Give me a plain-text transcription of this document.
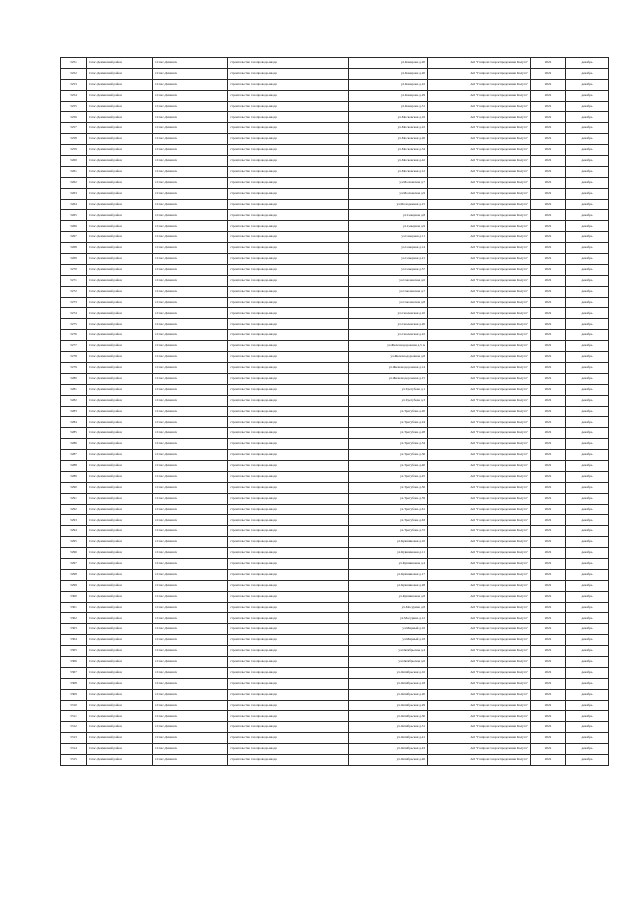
5251	Спас-Деменский район	г.Спас-Деменск	строительство газопровода-ввода	ул.Комарова д.20	АО "Газпром газораспределение Калуга"	2022	декабрь
5252	Спас-Деменский район	г.Спас-Деменск	строительство газопровода-ввода	ул.Комарова д.20	АО "Газпром газораспределение Калуга"	2022	декабрь
5253	Спас-Деменский район	г.Спас-Деменск	строительство газопровода-ввода	ул.Комарова д.22	АО "Газпром газораспределение Калуга"	2022	декабрь
5254	Спас-Деменский район	г.Спас-Деменск	строительство газопровода-ввода	ул.Комарова д.29	АО "Газпром газораспределение Калуга"	2022	декабрь
5255	Спас-Деменский район	г.Спас-Деменск	строительство газопровода-ввода	ул.Комарова д.31	АО "Газпром газораспределение Калуга"	2022	декабрь
5256	Спас-Деменский район	г.Спас-Деменск	строительство газопровода-ввода	ул.Московская д.16	АО "Газпром газораспределение Калуга"	2022	декабрь
5257	Спас-Деменский район	г.Спас-Деменск	строительство газопровода-ввода	ул.Московская д.22	АО "Газпром газораспределение Калуга"	2022	декабрь
5258	Спас-Деменский район	г.Спас-Деменск	строительство газопровода-ввода	ул.Московская д.26	АО "Газпром газораспределение Калуга"	2022	декабрь
5259	Спас-Деменский район	г.Спас-Деменск	строительство газопровода-ввода	ул.Московская д.34	АО "Газпром газораспределение Калуга"	2022	декабрь
5260	Спас-Деменский район	г.Спас-Деменск	строительство газопровода-ввода	ул.Московская д.42	АО "Газпром газораспределение Калуга"	2022	декабрь
5261	Спас-Деменский район	г.Спас-Деменск	строительство газопровода-ввода	ул.Московская д.12	АО "Газпром газораспределение Калуга"	2022	декабрь
5262	Спас-Деменский район	г.Спас-Деменск	строительство газопровода-ввода	ул.Московская д.7	АО "Газпром газораспределение Калуга"	2022	декабрь
5263	Спас-Деменский район	г.Спас-Деменск	строительство газопровода-ввода	ул.Московская д.9	АО "Газпром газораспределение Калуга"	2022	декабрь
5264	Спас-Деменский район	г.Спас-Деменск	строительство газопровода-ввода	ул.Молодежная д.15	АО "Газпром газораспределение Калуга"	2022	декабрь
5265	Спас-Деменский район	г.Спас-Деменск	строительство газопровода-ввода	ул.Северная д.8	АО "Газпром газораспределение Калуга"	2022	декабрь
5266	Спас-Деменский район	г.Спас-Деменск	строительство газопровода-ввода	ул.Северная д.9	АО "Газпром газораспределение Калуга"	2022	декабрь
5267	Спас-Деменский район	г.Спас-Деменск	строительство газопровода-ввода	ул.Северная д.11	АО "Газпром газораспределение Калуга"	2022	декабрь
5268	Спас-Деменский район	г.Спас-Деменск	строительство газопровода-ввода	ул.Северная д.14	АО "Газпром газораспределение Калуга"	2022	декабрь
5269	Спас-Деменский район	г.Спас-Деменск	строительство газопровода-ввода	ул.Северная д.21	АО "Газпром газораспределение Калуга"	2022	декабрь
5270	Спас-Деменский район	г.Спас-Деменск	строительство газопровода-ввода	ул.Северная д.37	АО "Газпром газораспределение Калуга"	2022	декабрь
5271	Спас-Деменский район	г.Спас-Деменск	строительство газопровода-ввода	ул.Смоленская д.6	АО "Газпром газораспределение Калуга"	2022	декабрь
5272	Спас-Деменский район	г.Спас-Деменск	строительство газопровода-ввода	ул.Смоленская д.7	АО "Газпром газораспределение Калуга"	2022	декабрь
5273	Спас-Деменский район	г.Спас-Деменск	строительство газопровода-ввода	ул.Смоленская д.8	АО "Газпром газораспределение Калуга"	2022	декабрь
5274	Спас-Деменский район	г.Спас-Деменск	строительство газопровода-ввода	ул.Смоленская д.10	АО "Газпром газораспределение Калуга"	2022	декабрь
5275	Спас-Деменский район	г.Спас-Деменск	строительство газопровода-ввода	ул.Смоленская д.20	АО "Газпром газораспределение Калуга"	2022	декабрь
5276	Спас-Деменский район	г.Спас-Деменск	строительство газопровода-ввода	ул.Смоленская д.22	АО "Газпром газораспределение Калуга"	2022	декабрь
5277	Спас-Деменский район	г.Спас-Деменск	строительство газопровода-ввода	ул.Железнодорожная д.5 А	АО "Газпром газораспределение Калуга"	2022	декабрь
5278	Спас-Деменский район	г.Спас-Деменск	строительство газопровода-ввода	ул.Железнодорожная д.8	АО "Газпром газораспределение Калуга"	2022	декабрь
5279	Спас-Деменский район	г.Спас-Деменск	строительство газопровода-ввода	ул.Железнодорожная д.14	АО "Газпром газораспределение Калуга"	2022	декабрь
5280	Спас-Деменский район	г.Спас-Деменск	строительство газопровода-ввода	ул.Железнодорожная д.15	АО "Газпром газораспределение Калуга"	2022	декабрь
5281	Спас-Деменский район	г.Спас-Деменск	строительство газопровода-ввода	ул.Трегубова д.1	АО "Газпром газораспределение Калуга"	2022	декабрь
5282	Спас-Деменский район	г.Спас-Деменск	строительство газопровода-ввода	ул.Трегубова д.3	АО "Газпром газораспределение Калуга"	2022	декабрь
5283	Спас-Деменский район	г.Спас-Деменск	строительство газопровода-ввода	ул.Трегубова д.20	АО "Газпром газораспределение Калуга"	2022	декабрь
5284	Спас-Деменский район	г.Спас-Деменск	строительство газопровода-ввода	ул.Трегубова д.24	АО "Газпром газораспределение Калуга"	2022	декабрь
5285	Спас-Деменский район	г.Спас-Деменск	строительство газопровода-ввода	ул.Трегубова д.28	АО "Газпром газораспределение Калуга"	2022	декабрь
5286	Спас-Деменский район	г.Спас-Деменск	строительство газопровода-ввода	ул.Трегубова д.34	АО "Газпром газораспределение Калуга"	2022	декабрь
5287	Спас-Деменский район	г.Спас-Деменск	строительство газопровода-ввода	ул.Трегубова д.36	АО "Газпром газораспределение Калуга"	2022	декабрь
5288	Спас-Деменский район	г.Спас-Деменск	строительство газопровода-ввода	ул.Трегубова д.40	АО "Газпром газораспределение Калуга"	2022	декабрь
5289	Спас-Деменский район	г.Спас-Деменск	строительство газопровода-ввода	ул.Трегубова д.45	АО "Газпром газораспределение Калуга"	2022	декабрь
5290	Спас-Деменский район	г.Спас-Деменск	строительство газопровода-ввода	ул.Трегубова д.56	АО "Газпром газораспределение Калуга"	2022	декабрь
5291	Спас-Деменский район	г.Спас-Деменск	строительство газопровода-ввода	ул.Трегубова д.59	АО "Газпром газораспределение Калуга"	2022	декабрь
5292	Спас-Деменский район	г.Спас-Деменск	строительство газопровода-ввода	ул.Трегубова д.61	АО "Газпром газораспределение Калуга"	2022	декабрь
5293	Спас-Деменский район	г.Спас-Деменск	строительство газопровода-ввода	ул.Трегубова д.63	АО "Газпром газораспределение Калуга"	2022	декабрь
5294	Спас-Деменский район	г.Спас-Деменск	строительство газопровода-ввода	ул.Трегубова д.72	АО "Газпром газораспределение Калуга"	2022	декабрь
5295	Спас-Деменский район	г.Спас-Деменск	строительство газопровода-ввода	ул.Кувшиновая д.10	АО "Газпром газораспределение Калуга"	2022	декабрь
5296	Спас-Деменский район	г.Спас-Деменск	строительство газопровода-ввода	ул.Кувшиновая д.11	АО "Газпром газораспределение Калуга"	2022	декабрь
5297	Спас-Деменский район	г.Спас-Деменск	строительство газопровода-ввода	ул.Кувшиновая д.4	АО "Газпром газораспределение Калуга"	2022	декабрь
5298	Спас-Деменский район	г.Спас-Деменск	строительство газопровода-ввода	ул.Кувшиновая д.17	АО "Газпром газораспределение Калуга"	2022	декабрь
5299	Спас-Деменский район	г.Спас-Деменск	строительство газопровода-ввода	ул.Кувшиновая д.28	АО "Газпром газораспределение Калуга"	2022	декабрь
5300	Спас-Деменский район	г.Спас-Деменск	строительство газопровода-ввода	ул.Кувшиновая д.8	АО "Газпром газораспределение Калуга"	2022	декабрь
5301	Спас-Деменский район	г.Спас-Деменск	строительство газопровода-ввода	ул.Мосурина д.8	АО "Газпром газораспределение Калуга"	2022	декабрь
5302	Спас-Деменский район	г.Спас-Деменск	строительство газопровода-ввода	ул.Мосурина д.12	АО "Газпром газораспределение Калуга"	2022	декабрь
5303	Спас-Деменский район	г.Спас-Деменск	строительство газопровода-ввода	ул.Мирный д.16	АО "Газпром газораспределение Калуга"	2022	декабрь
5304	Спас-Деменский район	г.Спас-Деменск	строительство газопровода-ввода	ул.Мирный д.18	АО "Газпром газораспределение Калуга"	2022	декабрь
5305	Спас-Деменский район	г.Спас-Деменск	строительство газопровода-ввода	ул.Октябрьская д.4	АО "Газпром газораспределение Калуга"	2022	декабрь
5306	Спас-Деменский район	г.Спас-Деменск	строительство газопровода-ввода	ул.Октябрьская д.6	АО "Газпром газораспределение Калуга"	2022	декабрь
5307	Спас-Деменский район	г.Спас-Деменск	строительство газопровода-ввода	ул.Октябрьская д.16	АО "Газпром газораспределение Калуга"	2022	декабрь
5308	Спас-Деменский район	г.Спас-Деменск	строительство газопровода-ввода	ул.Октябрьская д.18	АО "Газпром газораспределение Калуга"	2022	декабрь
5309	Спас-Деменский район	г.Спас-Деменск	строительство газопровода-ввода	ул.Октябрьская д.20	АО "Газпром газораспределение Калуга"	2022	декабрь
5310	Спас-Деменский район	г.Спас-Деменск	строительство газопровода-ввода	ул.Октябрьская д.29	АО "Газпром газораспределение Калуга"	2022	декабрь
5311	Спас-Деменский район	г.Спас-Деменск	строительство газопровода-ввода	ул.Октябрьская д.30	АО "Газпром газораспределение Калуга"	2022	декабрь
5312	Спас-Деменский район	г.Спас-Деменск	строительство газопровода-ввода	ул.Октябрьская д.31	АО "Газпром газораспределение Калуга"	2022	декабрь
5313	Спас-Деменский район	г.Спас-Деменск	строительство газопровода-ввода	ул.Октябрьская д.41	АО "Газпром газораспределение Калуга"	2022	декабрь
5314	Спас-Деменский район	г.Спас-Деменск	строительство газопровода-ввода	ул.Октябрьская д.43	АО "Газпром газораспределение Калуга"	2022	декабрь
5315	Спас-Деменский район	г.Спас-Деменск	строительство газопровода-ввода	ул.Октябрьская д.46	АО "Газпром газораспределение Калуга"	2022	декабрь
